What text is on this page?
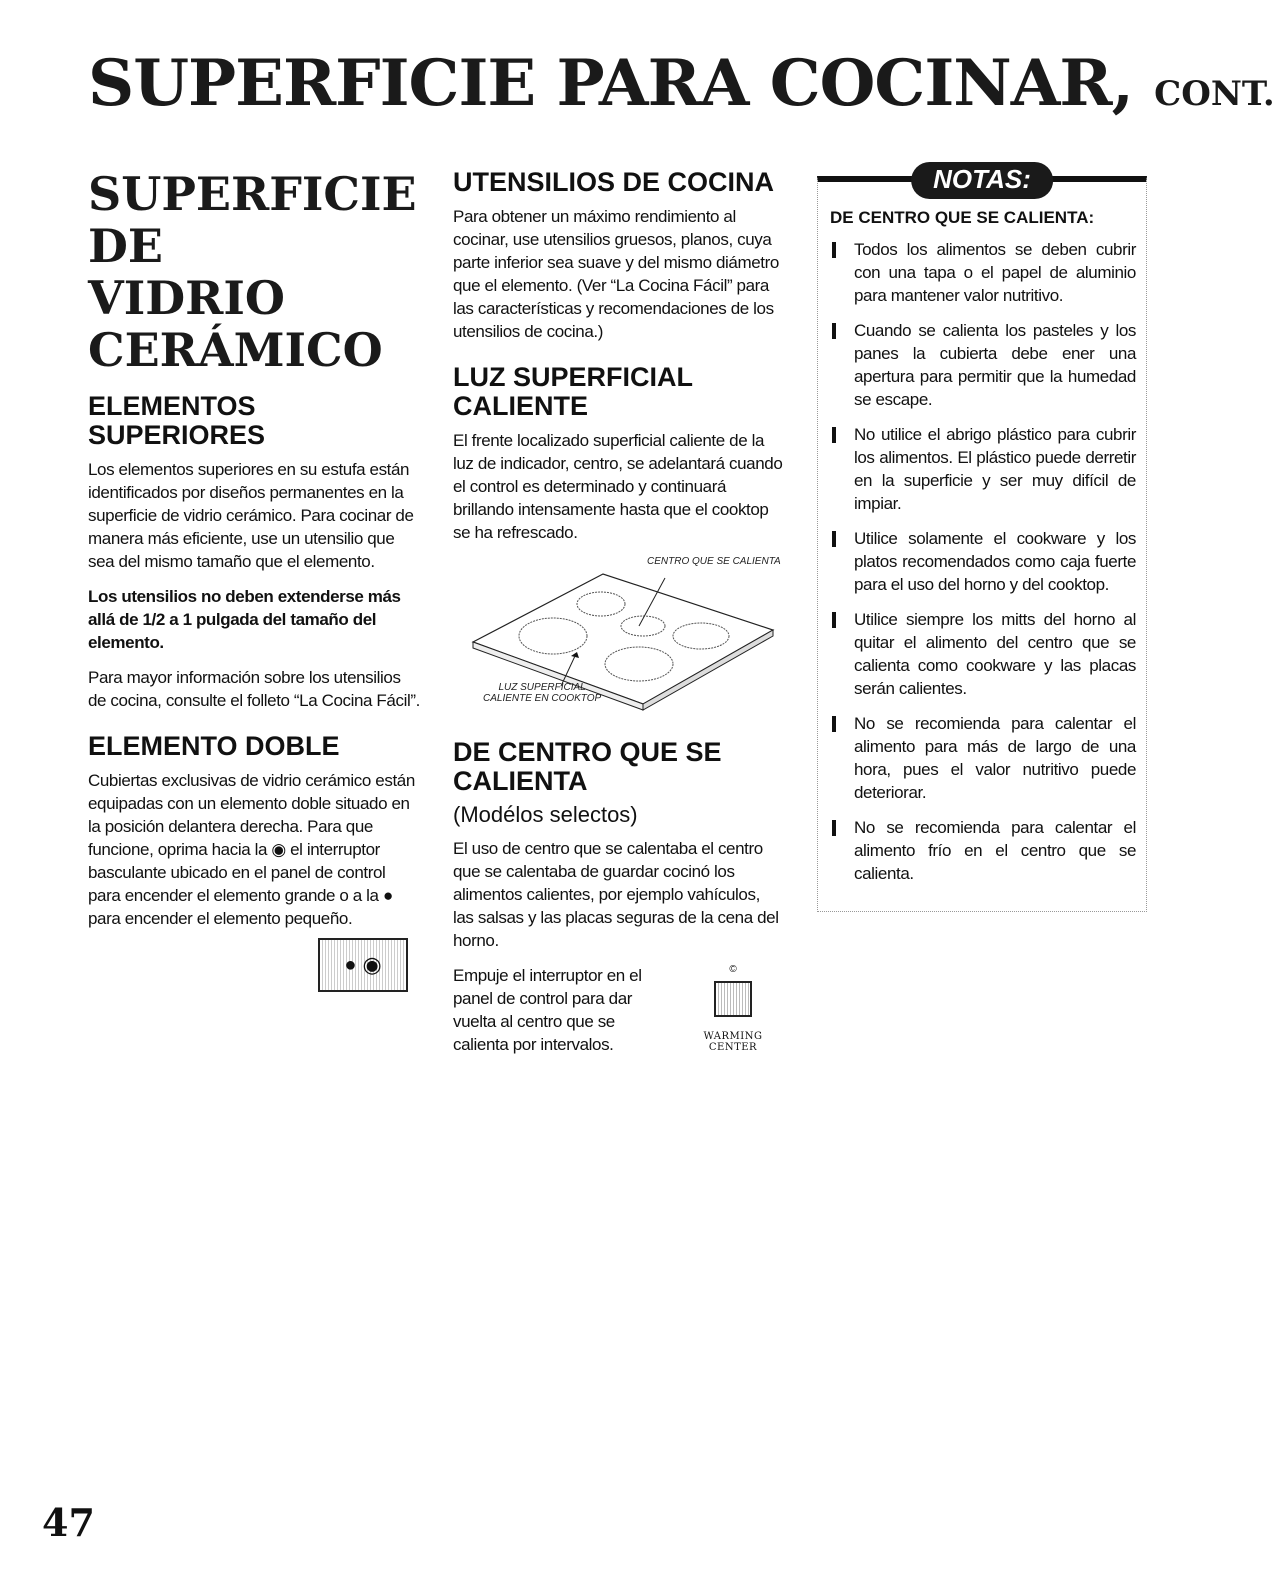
SUPERFICIE PARA COCINAR, CONT.
SUPERFICIE DE
VIDRIO CERÁMICO
ELEMENTOS SUPERIORES

Los elementos superiores en su estufa están identificados por diseños permanentes en la superficie de vidrio cerámico. Para cocinar de manera más eficiente, use un utensilio que sea del mismo tamaño que el elemento.

Los utensilios no deben extenderse más allá de 1/2 a 1 pulgada del tamaño del elemento.

Para mayor información sobre los utensilios de cocina, consulte el folleto “La Cocina Fácil”.

ELEMENTO DOBLE

Cubiertas exclusivas de vidrio cerámico están equipadas con un elemento doble situado en la posición delantera derecha. Para que funcione, oprima hacia la ◉ el interruptor basculante ubicado en el panel de control para encender el elemento grande o a la ● para encender el elemento pequeño.

● ◉
UTENSILIOS DE COCINA

Para obtener un máximo rendimiento al cocinar, use utensilios gruesos, planos, cuya parte inferior sea suave y del mismo diámetro que el elemento. (Ver “La Cocina Fácil” para las características y recomendaciones de los utensilios de cocina.)

LUZ SUPERFICIAL CALIENTE

El frente localizado superficial caliente de la luz de indicador, centro, se adelantará cuando el control es determinado y continuará brillando intensamente hasta que el cooktop se ha refrescado.

CENTRO QUE SE CALIENTA
LUZ SUPERFICIAL
CALIENTE EN COOKTOP
DE CENTRO QUE SE CALIENTA
(Modélos selectos)

El uso de centro que se calentaba el centro que se calentaba de guardar cocinó los alimentos calientes, por ejemplo vahículos, las salsas y las placas seguras de la cena del horno.

Empuje el interruptor en el panel de control para dar vuelta al centro que se calienta por intervalos.

©
WARMING CENTER
NOTAS:
DE CENTRO QUE SE CALIENTA:
Todos los alimentos se deben cubrir con una tapa o el papel de aluminio para mantener valor nutritivo.
Cuando se calienta los pasteles y los panes la cubierta debe ener una apertura para permitir que la humedad se escape.
No utilice el abrigo plástico para cubrir los alimentos. El plástico puede derretir en la superficie y ser muy difícil de impiar.
Utilice solamente el cookware y los platos recomendados como caja fuerte para el uso del horno y del cooktop.
Utilice siempre los mitts del horno al quitar el alimento del centro que se calienta como cookware y las placas serán calientes.
No se recomienda para calentar el alimento para más de largo de una hora, pues el valor nutritivo puede deteriorar.
No se recomienda para calentar el alimento frío en el centro que se calienta.
47
